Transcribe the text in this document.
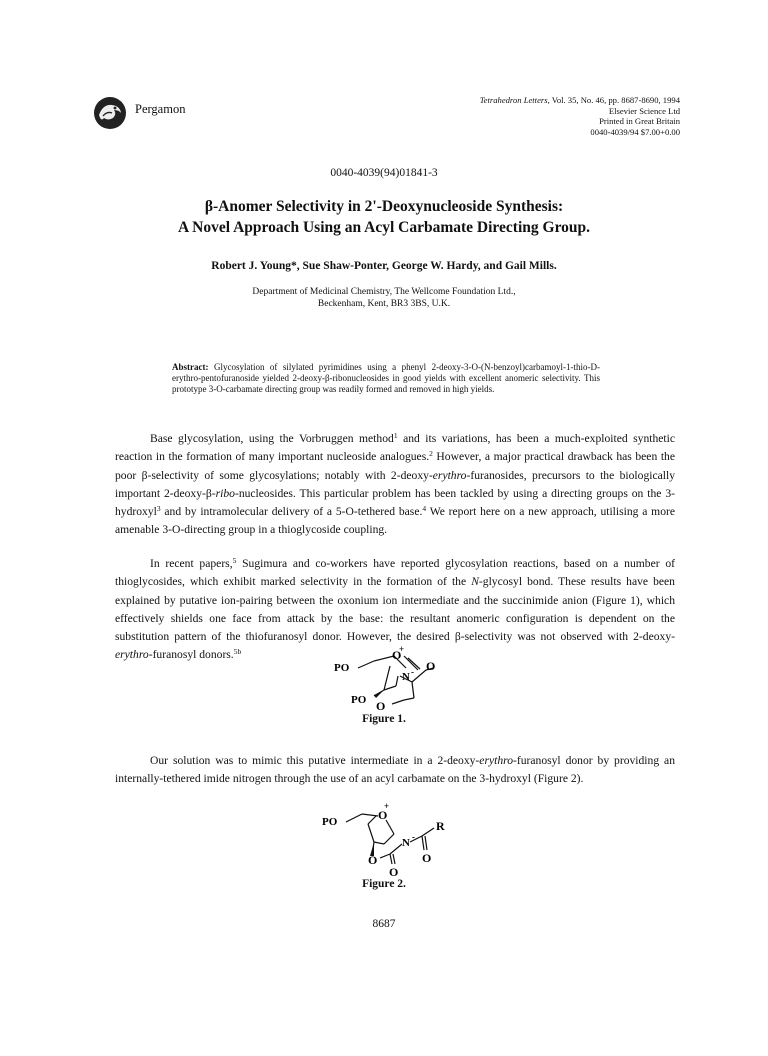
Pergamon
Tetrahedron Letters, Vol. 35, No. 46, pp. 8687-8690, 1994
Elsevier Science Ltd
Printed in Great Britain
0040-4039/94 $7.00+0.00
0040-4039(94)01841-3
β-Anomer Selectivity in 2'-Deoxynucleoside Synthesis:
A Novel Approach Using an Acyl Carbamate Directing Group.
Robert J. Young*, Sue Shaw-Ponter, George W. Hardy, and Gail Mills.
Department of Medicinal Chemistry, The Wellcome Foundation Ltd.,
Beckenham, Kent, BR3 3BS, U.K.
Abstract: Glycosylation of silylated pyrimidines using a phenyl 2-deoxy-3-O-(N-benzoyl)carbamoyl-1-thio-D-erythro-pentofuranoside yielded 2-deoxy-β-ribonucleosides in good yields with excellent anomeric selectivity. This prototype 3-O-carbamate directing group was readily formed and removed in high yields.

Base glycosylation, using the Vorbruggen method$^1$ and its variations, has been a much-exploited synthetic reaction in the formation of many important nucleoside analogues.$^2$ However, a major practical drawback has been the poor β-selectivity of some glycosylations; notably with 2-deoxy-erythro-furanosides, precursors to the biologically important 2-deoxy-β-ribo-nucleosides. This particular problem has been tackled by using a directing groups on the 3-hydroxyl$^3$ and by intramolecular delivery of a 5-O-tethered base.$^4$ We report here on a new approach, utilising a more amenable 3-O-directing group in a thioglycoside coupling.

In recent papers,$^5$ Sugimura and co-workers have reported glycosylation reactions, based on a number of thioglycosides, which exhibit marked selectivity in the formation of the N-glycosyl bond. These results have been explained by putative ion-pairing between the oxonium ion intermediate and the succinimide anion (Figure 1), which effectively shields one face from attack by the base: the resultant anomeric configuration is dependent on the substitution pattern of the thiofuranosyl donor. However, the desired β-selectivity was not observed with 2-deoxy-erythro-furanosyl donors.$^{5b}$

PO
O
+
N - O
PO O
Figure 1.

Our solution was to mimic this putative intermediate in a 2-deoxy-erythro-furanosyl donor by providing an internally-tethered imide nitrogen through the use of an acyl carbamate on the 3-hydroxyl (Figure 2).

PO	O
+
N -
R
O	O
O
Figure 2.
8687
